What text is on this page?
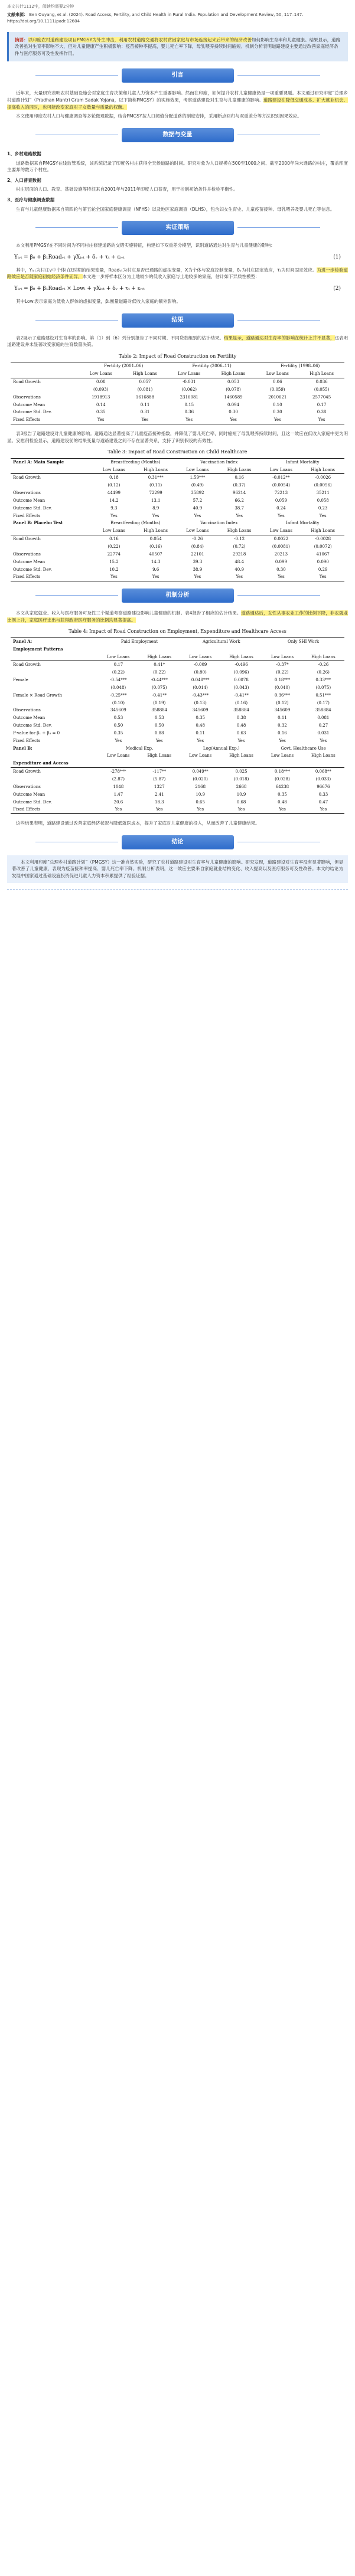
本文共计1112字，阅读约需要2分钟
文献来源： Ben Ouyang, et al. (2024). Road Access, Fertility, and Child Health in Rural India. Population and Development Review, 50, 117–147.
https://doi.org/10.1111/padr.12604
摘要：以印度农村道路建设项目PMGSY为外生冲击，利用农村道路交通将农村贫困家庭与市场连接起来后带来的经济改善如何影响生育率和儿童健康。结果显示，道路改善虽对生育率影响不大，但对儿童健康产生积极影响：疫苗接种率提高，婴儿死亡率下降，母乳喂养持续时间缩短。机制分析表明道路建设主要通过改善家庭经济条件与医疗服务可及性发挥作用。
引言
近年来，大量研究表明农村基础设施会对家庭生育决策和儿童人力资本产生重要影响。然而在印度，如何提升农村儿童健康仍是一项重要课题。本文通过研究印度“总理乡村道路计划”（Pradhan Mantri Gram Sadak Yojana，以下简称PMGSY）的实施效果，考察道路建设对生育与儿童健康的影响。道路建设在降低交通成本、扩大就业机会、提高收入的同时，也可能改变家庭对子女数量与质量的权衡。
本文使用印度农村人口与健康调查等多轮微观数据，结合PMGSY按人口阈值分配道路的制度安排，采用断点回归与双重差分等方法识别因果效应。
数据与变量
1、乡村道路数据
道路数据来自PMGSY在线监管系统，该系统记录了印度各村庄获得全天候道路的时间。研究对象为人口规模在500至1000之间、截至2000年尚未通路的村庄，覆盖印度主要邦的数万个村庄。
2、人口普查数据
村庄层面的人口、教育、基础设施等特征来自2001年与2011年印度人口普查，用于控制初始条件并检验平衡性。
3、医疗与健康调查数据
生育与儿童健康数据来自第四轮与第五轮全国家庭健康调查（NFHS）以及地区家庭调查（DLHS），包含妇女生育史、儿童疫苗接种、母乳喂养及婴儿死亡等信息。
实证策略
本文利用PMGSY在不同时间为不同村庄修建道路的交错实施特征，构建如下双重差分模型，识别道路通达对生育与儿童健康的影响：
Yᵢᵥₜ = β₀ + β₁Roadᵥₜ + γXᵢᵥₜ + δᵥ + τₜ + εᵢᵥₜ	(1)
其中，Yᵢᵥₜ为村庄v中个体i在t时期的结果变量，Roadᵥₜ为村庄是否已通路的虚拟变量，X为个体与家庭控制变量，δᵥ为村庄固定效应，τₜ为时间固定效应。为进一步检验道路效应是否随家庭初始经济条件而异，本文进一步将样本区分为土地较少的低收入家庭与土地较多的家庭，估计如下异质性模型：
Yᵢᵥₜ = β₀ + β₁Roadᵥₜ × Lowᵢ + γXᵢᵥₜ + δᵥ + τₜ + εᵢᵥₜ	(2)
其中Lowᵢ表示家庭为低收入群体的虚拟变量，β₁衡量道路对低收入家庭的额外影响。
结果
表2展示了道路建设对生育率的影响。第（1）到（6）列分别报告了不同时期、不同贷款组别的估计结果。结果显示，道路通达对生育率的影响在统计上并不显著，这表明道路建设并未显著改变家庭的生育数量决策。
Table 2: Impact of Road Construction on Fertility
	Fertility (2001–06)		Fertility (2006–11)		Fertility (1998–06)	
	Low Loans	High Loans	Low Loans	High Loans	Low Loans	High Loans
Road Growth	0.08	0.057	-0.031	0.053	0.06	0.036
	(0.093)	(0.081)	(0.062)	(0.078)	(0.059)	(0.055)
Observations	1918913	1616888	2316081	1460589	2010621	2577045
Outcome Mean	0.14	0.11	0.15	0.094	0.10	0.17
Outcome Std. Dev.	0.35	0.31	0.36	0.30	0.30	0.38
Fixed Effects	Yes	Yes	Yes	Yes	Yes	Yes
表3报告了道路建设对儿童健康的影响。道路通达显著提高了儿童疫苗接种指数，并降低了婴儿死亡率，同时缩短了母乳喂养持续时间，且这一效应在低收入家庭中更为明显。安慰剂检验显示，道路建设前的结果变量与道路建设之间不存在显著关系，支持了识别假设的有效性。
Table 3: Impact of Road Construction on Child Healthcare
Panel A: Main Sample	Breastfeeding (Months)		Vaccination Index		Infant Mortality	
	Low Loans	High Loans	Low Loans	High Loans	Low Loans	High Loans
Road Growth	0.18	0.31***	1.59***	0.16	-0.012**	-0.0026
	(0.12)	(0.11)	(0.49)	(0.37)	(0.0054)	(0.0056)
Observations	44499	72299	35892	96214	72213	35211
Outcome Mean	14.2	13.1	57.2	66.2	0.059	0.058
Outcome Std. Dev.	9.3	8.9	40.9	38.7	0.24	0.23
Fixed Effects	Yes	Yes	Yes	Yes	Yes	Yes
Panel B: Placebo Test	Breastfeeding (Months)		Vaccination Index		Infant Mortality	
	Low Loans	High Loans	Low Loans	High Loans	Low Loans	High Loans
Road Growth	0.16	0.054	-0.26	-0.12	0.0022	-0.0028
	(0.22)	(0.16)	(0.84)	(0.72)	(0.0081)	(0.0072)
Observations	22774	40507	22101	29218	20213	41067
Outcome Mean	15.2	14.3	39.3	48.4	0.099	0.090
Outcome Std. Dev.	10.2	9.6	38.9	40.9	0.30	0.29
Fixed Effects	Yes	Yes	Yes	Yes	Yes	Yes
机制分析
本文从家庭就业、收入与医疗服务可及性三个渠道考察道路建设影响儿童健康的机制。表4报告了相应的估计结果。道路通达后，女性从事农业工作的比例下降，非农就业比例上升，家庭医疗支出与获得政府医疗服务的比例均显著提高。
Table 4: Impact of Road Construction on Employment, Expenditure and Healthcare Access
Panel A:	Paid Employment		Agricultural Work		Only SHI Work	
Employment Patterns						
	Low Loans	High Loans	Low Loans	High Loans	Low Loans	High Loans
Road Growth	0.17	0.41*	-0.009	-0.496	-0.37*	-0.26
	(0.22)	(0.22)	(0.80)	(0.096)	(0.22)	(0.26)
Female	-0.54***	-0.44***	0.048***	0.0078	0.18***	0.33***
	(0.048)	(0.075)	(0.014)	(0.043)	(0.040)	(0.075)
Female × Road Growth	-0.25***	-0.41**	-0.43***	-0.41**	0.36***	0.51***
	(0.10)	(0.19)	(0.13)	(0.16)	(0.12)	(0.17)
Observations	345609	358884	345609	358884	345609	358884
Outcome Mean	0.53	0.53	0.35	0.38	0.11	0.081
Outcome Std. Dev.	0.50	0.50	0.48	0.48	0.32	0.27
P-value for β₁ + β₃ = 0	0.35	0.88	0.11	0.63	0.16	0.031
Fixed Effects	Yes	Yes	Yes	Yes	Yes	Yes
Panel B:	Medical Exp.		Log(Annual Exp.)		Govt. Healthcare Use	
	Low Loans	High Loans	Low Loans	High Loans	Low Loans	High Loans
Expenditure and Access						
Road Growth	-278***	-117**	0.049**	0.025	0.18***	0.068**
	(2.87)	(5.87)	(0.020)	(0.018)	(0.028)	(0.033)
Observations	1048	1327	2168	2668	64238	96676
Outcome Mean	1.47	2.41	10.9	10.9	0.35	0.33
Outcome Std. Dev.	20.6	18.3	0.65	0.68	0.48	0.47
Fixed Effects	Yes	Yes	Yes	Yes	Yes	Yes
这些结果表明，道路建设通过改善家庭经济状况与降低就医成本，提升了家庭对儿童健康的投入，从而改善了儿童健康结果。
结论
本文利用印度“总理乡村道路计划”（PMGSY）这一准自然实验，研究了农村道路建设对生育率与儿童健康的影响。研究发现，道路建设对生育率没有显著影响，但显著改善了儿童健康，表现为疫苗接种率提高、婴儿死亡率下降。机制分析表明，这一效应主要来自家庭就业结构变化、收入提高以及医疗服务可及性改善。本文的结论为发展中国家通过基础设施投资促进儿童人力资本积累提供了经验证据。
